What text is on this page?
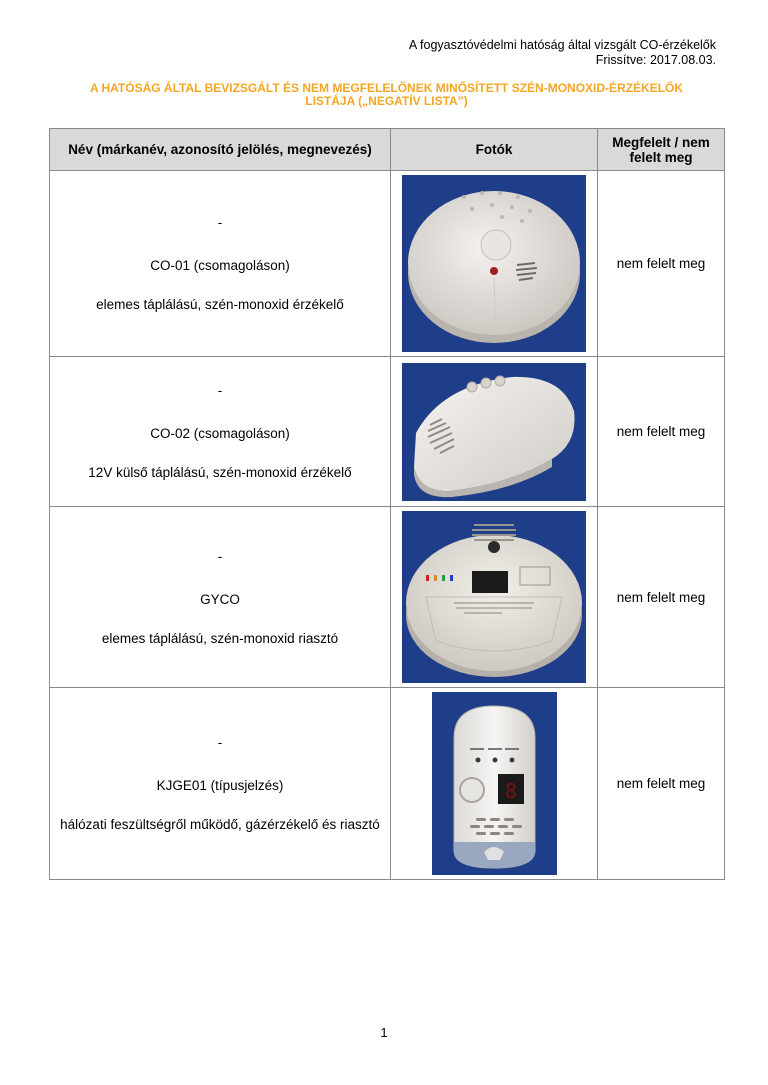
A fogyasztóvédelmi hatóság által vizsgált CO-érzékelők
Frissítve: 2017.08.03.
A HATÓSÁG ÁLTAL BEVIZSGÁLT ÉS NEM MEGFELELŐNEK MINŐSÍTETT SZÉN-MONOXID-ÉRZÉKELŐK
LISTÁJA („NEGATÍV LISTA”)
Név (márkanév, azonosító jelölés, megnevezés)	Fotók	Megfelelt / nem felelt meg

-

CO-01 (csomagoláson)

elemes táplálású, szén-monoxid érzékelő		nem felelt meg

-

CO-02 (csomagoláson)

12V külső táplálású, szén-monoxid érzékelő		nem felelt meg

-

GYCO

elemes táplálású, szén-monoxid riasztó		nem felelt meg

-

KJGE01 (típusjelzés)

hálózati feszültségről működő, gázérzékelő és riasztó	8	nem felelt meg
1
